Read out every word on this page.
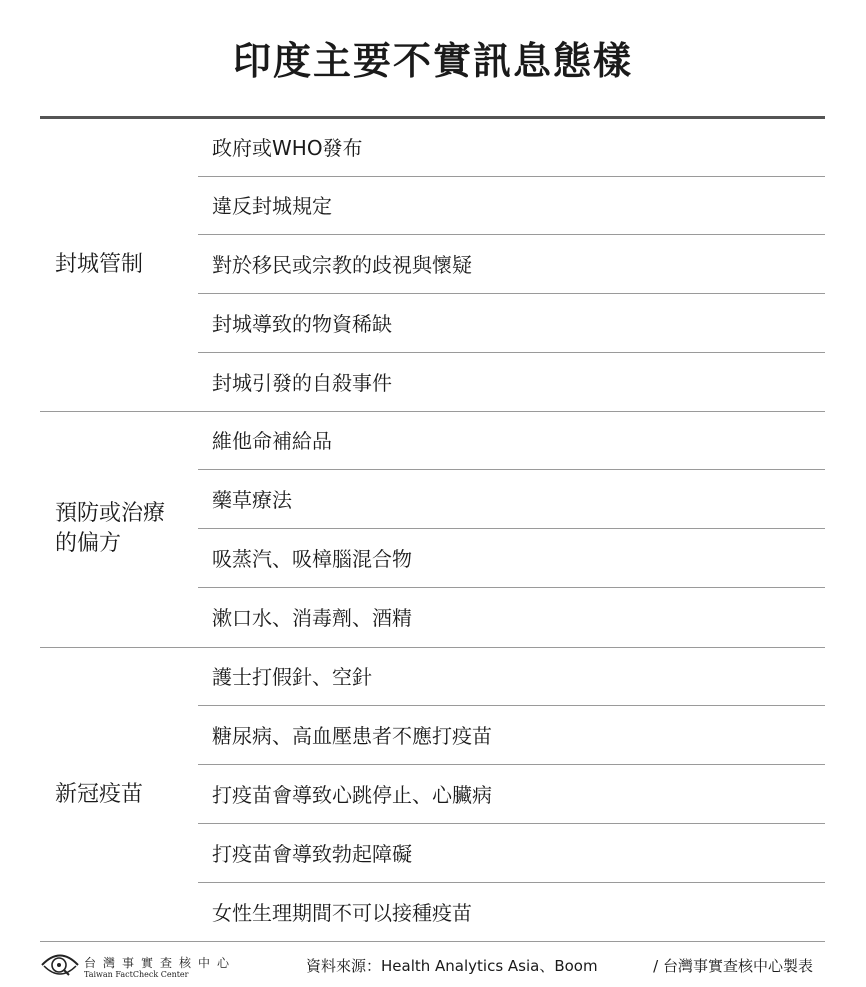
印度主要不實訊息態樣
封城管制
政府或WHO發布
違反封城規定
對於移民或宗教的歧視與懷疑
封城導致的物資稀缺
封城引發的自殺事件
預防或治療
的偏方
維他命補給品
藥草療法
吸蒸汽、吸樟腦混合物
漱口水、消毒劑、酒精
新冠疫苗
護士打假針、空針
糖尿病、高血壓患者不應打疫苗
打疫苗會導致心跳停止、心臟病
打疫苗會導致勃起障礙
女性生理期間不可以接種疫苗
台灣事實查核中心
Taiwan FactCheck Center	資料來源：Health Analytics Asia、Boom	/ 台灣事實查核中心製表
